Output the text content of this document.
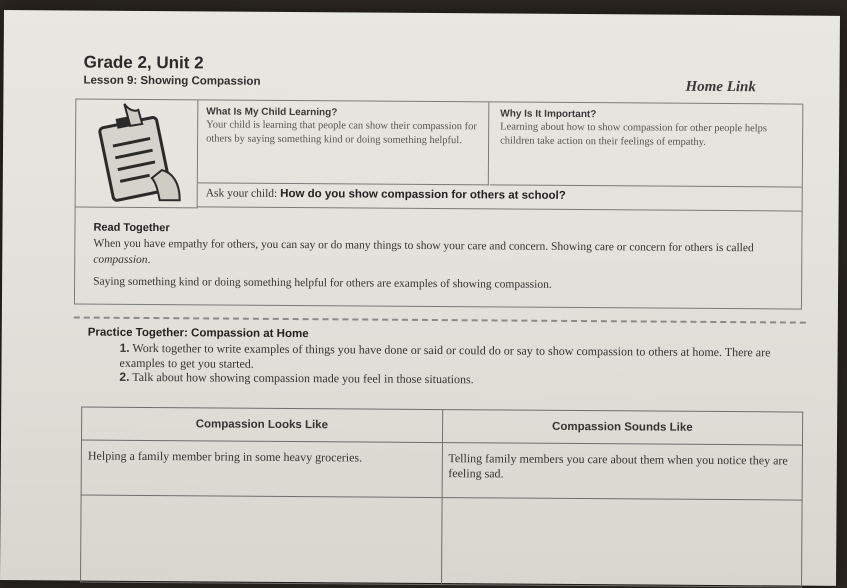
Grade 2, Unit 2
Lesson 9: Showing Compassion	Home Link
What Is My Child Learning?
Your child is learning that people can show their compassion for others by saying something kind or doing something helpful.
Why Is It Important?
Learning about how to show compassion for other people helps children take action on their feelings of empathy.
Ask your child: How do you show compassion for others at school?
Read Together

When you have empathy for others, you can say or do many things to show your care and concern. Showing care or concern for others is called compassion.

Saying something kind or doing something helpful for others are examples of showing compassion.

Practice Together: Compassion at Home
1. Work together to write examples of things you have done or said or could do or say to show compassion to others at home. There are examples to get you started.
2. Talk about how showing compassion made you feel in those situations.
Compassion Looks Like	Compassion Sounds Like
Helping a family member bring in some heavy groceries.	Telling family members you care about them when you notice they are feeling sad.
